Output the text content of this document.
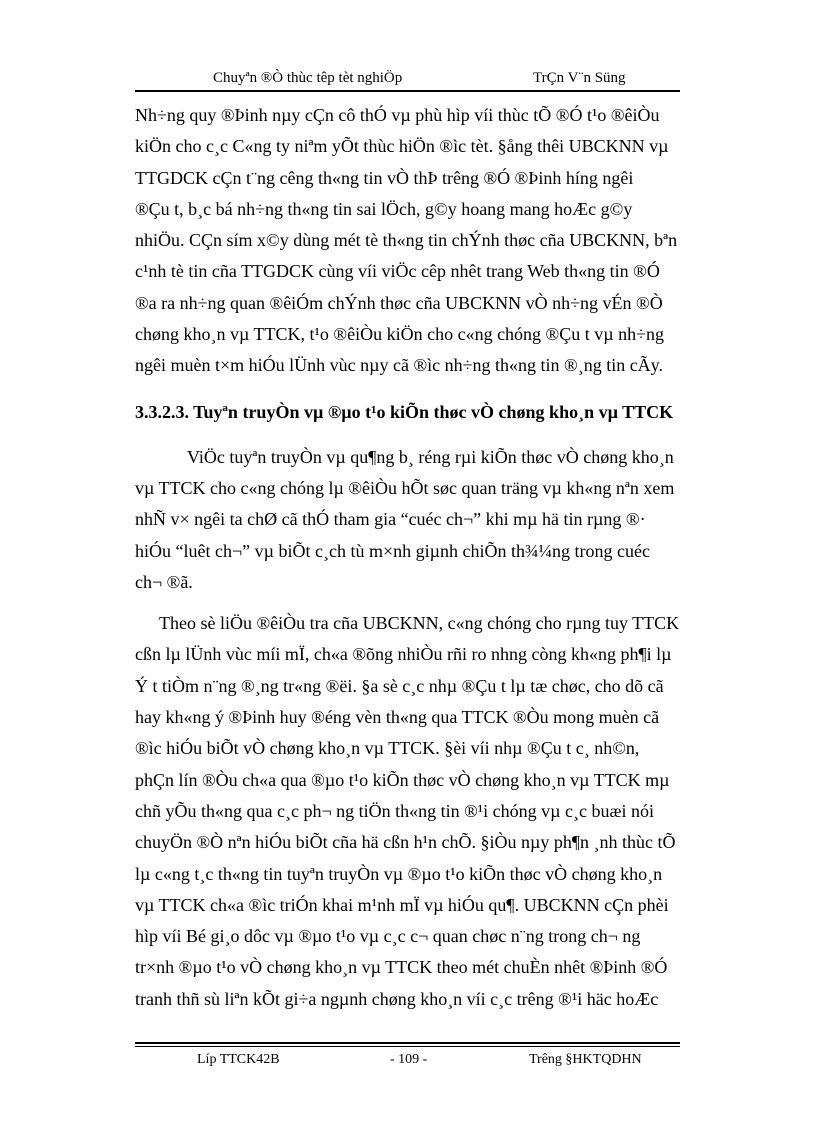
Chuyªn ®Ò thùc têp tèt nghiÖp	TrÇn V¨n Süng
Nh÷ng quy ®Þinh nµy cÇn cô thÓ vµ phù hìp víi thùc tÕ ®Ó t¹o ®êiÒu
kiÖn cho c¸c C«ng ty niªm yÕt thùc hiÖn ®ìc tèt. §ång thêi UBCKNN vµ
TTGDCK cÇn t¨ng cêng th«ng tin vÒ thÞ trêng ®Ó ®Þinh híng ngêi
®Çu t, b¸c bá nh÷ng th«ng tin sai lÖch, g©y hoang mang hoÆc g©y
nhiÖu. CÇn sím x©y dùng mét tè th«ng tin chÝnh thøc cña UBCKNN, bªn
c¹nh tè tin cña TTGDCK cùng víi viÖc cêp nhêt trang Web th«ng tin ®Ó
®a ra nh÷ng quan ®êiÓm chÝnh thøc cña UBCKNN vÒ nh÷ng vÉn ®Ò
chøng kho¸n vµ TTCK, t¹o ®êiÒu kiÖn cho c«ng chóng ®Çu t vµ nh÷ng
ngêi muèn t×m hiÓu lÜnh vùc nµy cã ®ìc nh÷ng th«ng tin ®¸ng tin cÃy.
3.3.2.3. Tuyªn truyÒn vµ ®µo t¹o kiÕn thøc vÒ chøng kho¸n vµ TTCK
ViÖc tuyªn truyÒn vµ qu¶ng b¸ réng rµi kiÕn thøc vÒ chøng kho¸n
vµ TTCK cho c«ng chóng lµ ®êiÒu hÕt søc quan träng vµ kh«ng nªn xem
nhÑ v× ngêi ta chØ cã thÓ tham gia “cuéc ch¬” khi mµ hä tin rµng ®·
hiÓu “luêt ch¬” vµ biÕt c¸ch tù m×nh giµnh chiÕn th¾¼ng trong cuéc
ch¬ ®ã.
Theo sè liÖu ®êiÒu tra cña UBCKNN, c«ng chóng cho rµng tuy TTCK
cßn lµ lÜnh vùc míi mÏ, ch«a ®õng nhiÒu rñi ro nhng còng kh«ng ph¶i lµ
Ý t tiÒm n¨ng ®¸ng tr«ng ®ëi. §a sè c¸c nhµ ®Çu t lµ tæ chøc, cho dõ cã
hay kh«ng ý ®Þinh huy ®éng vèn th«ng qua TTCK ®Òu mong muèn cã
®ìc hiÓu biÕt vÒ chøng kho¸n vµ TTCK. §èi víi nhµ ®Çu t c¸ nh©n,
phÇn lín ®Òu ch«a qua ®µo t¹o kiÕn thøc vÒ chøng kho¸n vµ TTCK mµ
chñ yÕu th«ng qua c¸c ph¬ ng tiÖn th«ng tin ®¹i chóng vµ c¸c buæi nói
chuyÖn ®Ò nªn hiÓu biÕt cña hä cßn h¹n chÕ. §iÒu nµy ph¶n ¸nh thùc tÕ
lµ c«ng t¸c th«ng tin tuyªn truyÒn vµ ®µo t¹o kiÕn thøc vÒ chøng kho¸n
vµ TTCK ch«a ®ìc triÓn khai m¹nh mÏ vµ hiÓu qu¶. UBCKNN cÇn phèi
hìp víi Bé gi¸o dôc vµ ®µo t¹o vµ c¸c c¬ quan chøc n¨ng trong ch¬ ng
tr×nh ®µo t¹o vÒ chøng kho¸n vµ TTCK theo mét chuÈn nhêt ®Þinh ®Ó
tranh thñ sù liªn kÕt gi÷a ngµnh chøng kho¸n víi c¸c trêng ®¹i häc hoÆc
Líp TTCK42B	- 109 -	Trêng §HKTQDHN
